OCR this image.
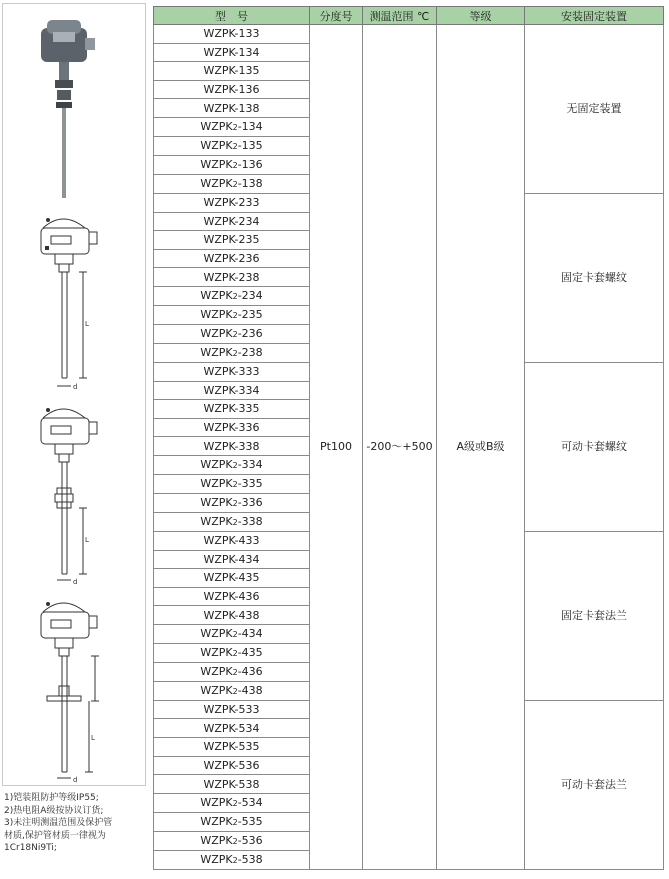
L
d
L
d
L
d
1)铠装阻防护等级IP55;
2)热电阻A级按协议订货;
3)未注明测温范围及保护管
材质,保护管材质一律视为
1Cr18Ni9Ti;
型　号	分度号	测温范围 ℃	等级	安装固定装置
WZPK-133	Pt100	-200～+500	A级或B级	无固定装置
WZPK-134				
WZPK-135				
WZPK-136				
WZPK-138				
WZPK2-134				
WZPK2-135				
WZPK2-136				
WZPK2-138				
WZPK-233				固定卡套螺纹
WZPK-234				
WZPK-235				
WZPK-236				
WZPK-238				
WZPK2-234				
WZPK2-235				
WZPK2-236				
WZPK2-238				
WZPK-333				可动卡套螺纹
WZPK-334				
WZPK-335				
WZPK-336				
WZPK-338				
WZPK2-334				
WZPK2-335				
WZPK2-336				
WZPK2-338				
WZPK-433				固定卡套法兰
WZPK-434				
WZPK-435				
WZPK-436				
WZPK-438				
WZPK2-434				
WZPK2-435				
WZPK2-436				
WZPK2-438				
WZPK-533				可动卡套法兰
WZPK-534				
WZPK-535				
WZPK-536				
WZPK-538				
WZPK2-534				
WZPK2-535				
WZPK2-536				
WZPK2-538				
